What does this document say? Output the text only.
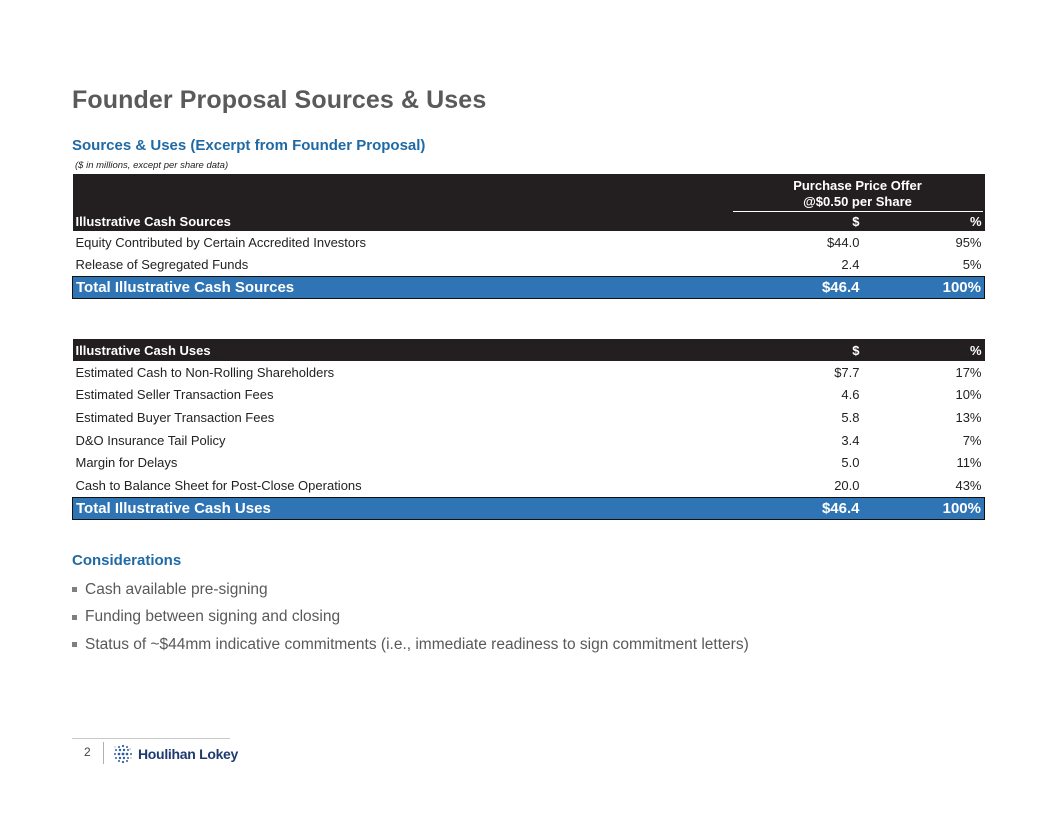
Founder Proposal Sources & Uses
Sources & Uses (Excerpt from Founder Proposal)
($ in millions, except per share data)

	Purchase Price Offer	

	@$0.50 per Share	

Illustrative Cash Sources	$	%
Equity Contributed by Certain Accredited Investors	$44.0	95%
Release of Segregated Funds	2.4	5%
Total Illustrative Cash Sources	$46.4	100%
Illustrative Cash Uses	$	%
Estimated Cash to Non-Rolling Shareholders	$7.7	17%
Estimated Seller Transaction Fees	4.6	10%
Estimated Buyer Transaction Fees	5.8	13%
D&O Insurance Tail Policy	3.4	7%
Margin for Delays	5.0	11%
Cash to Balance Sheet for Post-Close Operations	20.0	43%
Total Illustrative Cash Uses	$46.4	100%
Considerations
Cash available pre-signing
Funding between signing and closing
Status of ~$44mm indicative commitments (i.e., immediate readiness to sign commitment letters)
2	Houlihan Lokey
